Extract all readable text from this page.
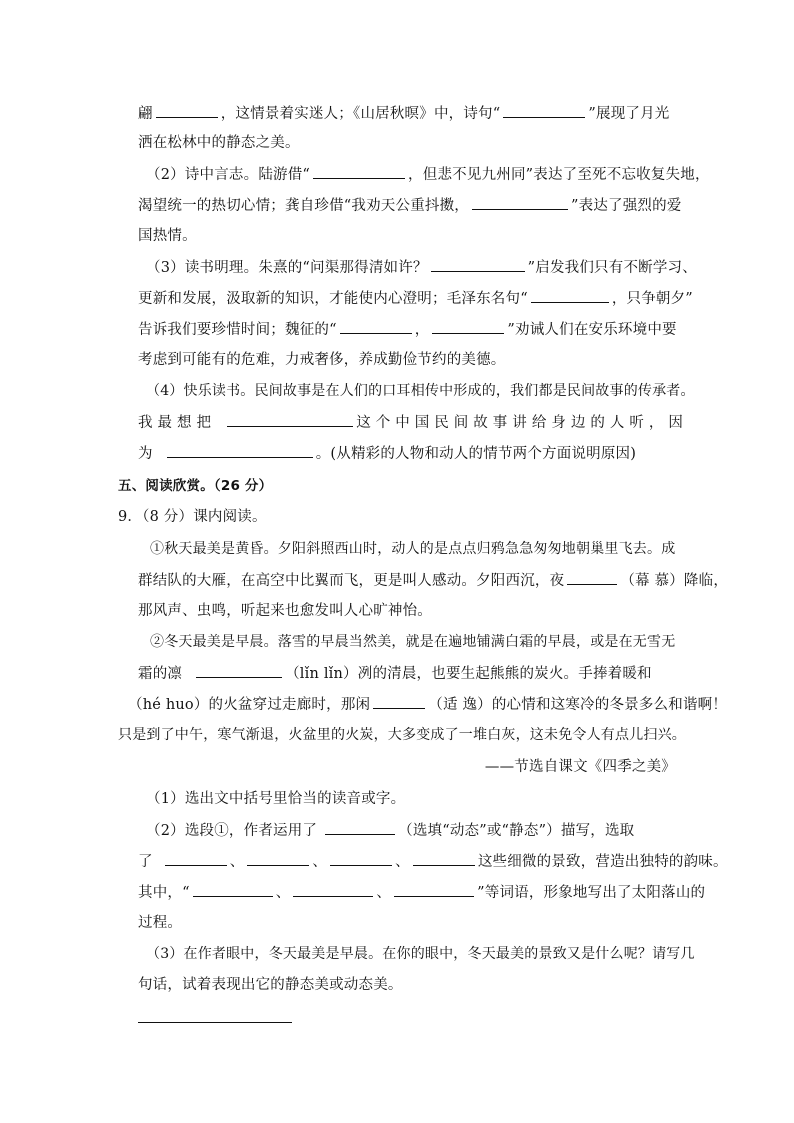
翩	，这情景着实迷人；《山居秋暝》中，诗句“	”展现了月光
洒在松林中的静态之美。
（2）诗中言志。陆游借“	，但悲不见九州同”表达了至死不忘收复失地，
渴望统一的热切心情；龚自珍借“我劝天公重抖擞，	”表达了强烈的爱
国热情。
（3）读书明理。朱熹的“问渠那得清如许？	”启发我们只有不断学习、
更新和发展，汲取新的知识，才能使内心澄明；毛泽东名句“	，只争朝夕”
告诉我们要珍惜时间；魏征的“	，	”劝诫人们在安乐环境中要
考虑到可能有的危难，力戒奢侈，养成勤俭节约的美德。
（4）快乐读书。民间故事是在人们的口耳相传中形成的，我们都是民间故事的传承者。
我 最 想 把	这 个 中 国 民 间 故 事 讲 给 身 边 的 人 听 ， 因
为	。(从精彩的人物和动人的情节两个方面说明原因)
五、阅读欣赏。（26 分）
9．（8 分）课内阅读。
①秋天最美是黄昏。夕阳斜照西山时，动人的是点点归鸦急急匆匆地朝巢里飞去。成
群结队的大雁，在高空中比翼而飞，更是叫人感动。夕阳西沉，夜	（幕 慕）降临，
那风声、虫鸣，听起来也愈发叫人心旷神怡。
②冬天最美是早晨。落雪的早晨当然美，就是在遍地铺满白霜的早晨，或是在无雪无
霜的凛	（lǐn lǐn）冽的清晨，也要生起熊熊的炭火。手捧着暖和
（hé huo）的火盆穿过走廊时，那闲	（适 逸）的心情和这寒冷的冬景多么和谐啊！
只是到了中午，寒气渐退，火盆里的火炭，大多变成了一堆白灰，这未免令人有点儿扫兴。
——节选自课文《四季之美》
（1）选出文中括号里恰当的读音或字。
（2）选段①，作者运用了	（选填“动态”或“静态”）描写，选取
了	、	、	、	这些细微的景致，营造出独特的韵味。
其中，“	、	、	”等词语，形象地写出了太阳落山的
过程。
（3）在作者眼中，冬天最美是早晨。在你的眼中，冬天最美的景致又是什么呢？请写几
句话，试着表现出它的静态美或动态美。
